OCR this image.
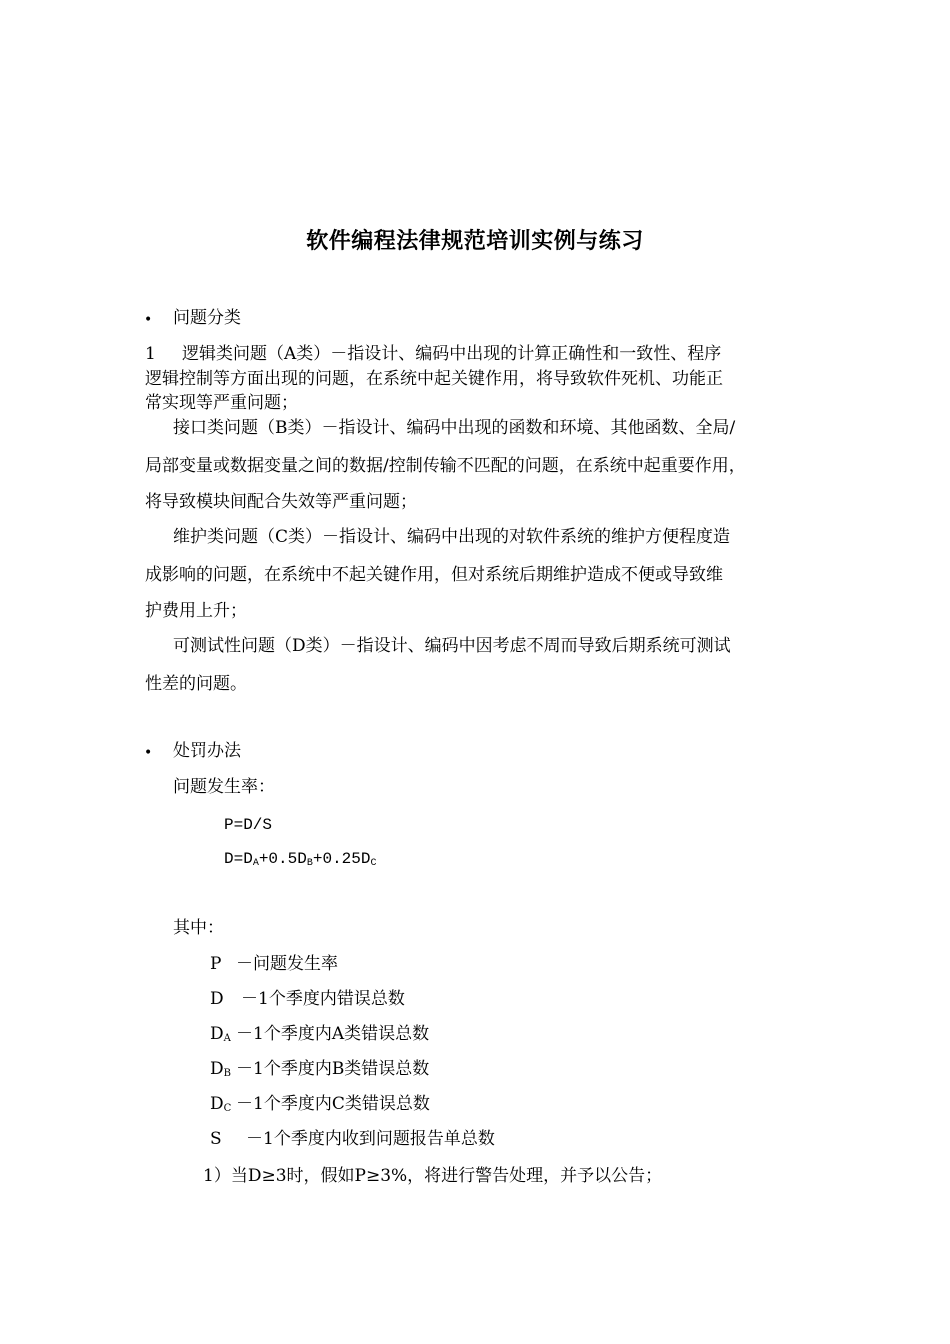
软件编程法律规范培训实例与练习
• 问题分类
1 逻辑类问题（A类）－指设计、编码中出现的计算正确性和一致性、程序
逻辑控制等方面出现的问题，在系统中起关键作用，将导致软件死机、功能正
常实现等严重问题；
接口类问题（B类）－指设计、编码中出现的函数和环境、其他函数、全局/
局部变量或数据变量之间的数据/控制传输不匹配的问题，在系统中起重要作用，
将导致模块间配合失效等严重问题；
维护类问题（C类）－指设计、编码中出现的对软件系统的维护方便程度造
成影响的问题，在系统中不起关键作用，但对系统后期维护造成不便或导致维
护费用上升；
可测试性问题（D类）－指设计、编码中因考虑不周而导致后期系统可测试
性差的问题。
• 处罚办法
问题发生率：
P=D/S
$D=D_A+0.5D_B+0.25D_C$
其中：
P －问题发生率
D －1个季度内错误总数
$D_A -1$个季度内A类错误总数
$D_B -1$个季度内B类错误总数
$D_C -1$个季度内C类错误总数
S －1个季度内收到问题报告单总数
1）当D≥3时，假如P≥3%，将进行警告处理，并予以公告；
